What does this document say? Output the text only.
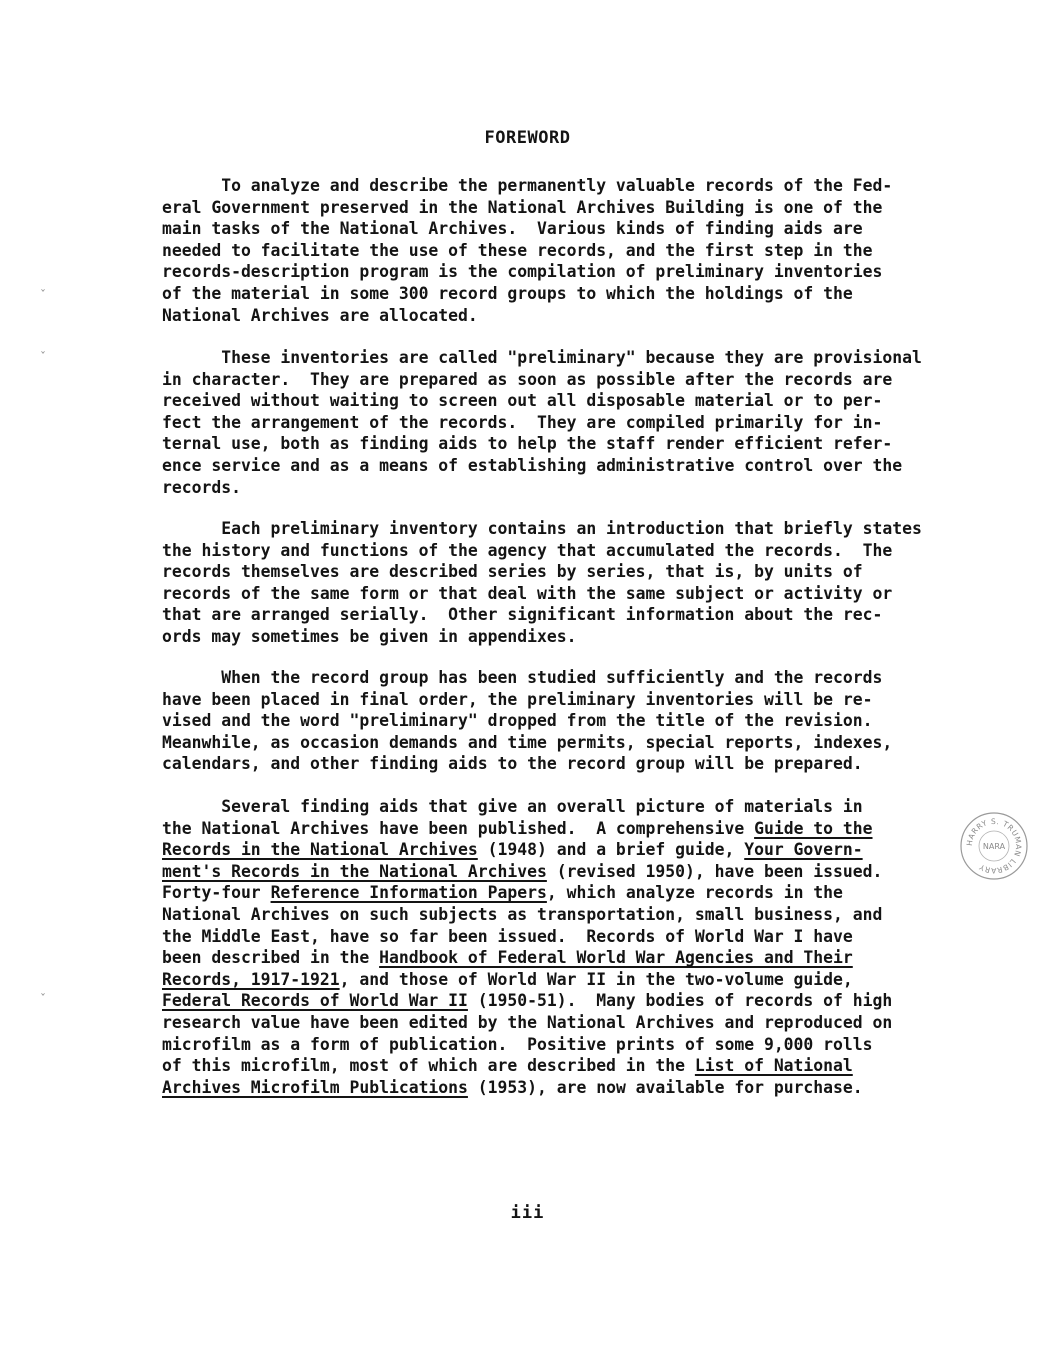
FOREWORD
To analyze and describe the permanently valuable records of the Fed-
eral Government preserved in the National Archives Building is one of the
main tasks of the National Archives.  Various kinds of finding aids are
needed to facilitate the use of these records, and the first step in the
records-description program is the compilation of preliminary inventories
of the material in some 300 record groups to which the holdings of the
National Archives are allocated.
These inventories are called "preliminary" because they are provisional
in character.  They are prepared as soon as possible after the records are
received without waiting to screen out all disposable material or to per-
fect the arrangement of the records.  They are compiled primarily for in-
ternal use, both as finding aids to help the staff render efficient refer-
ence service and as a means of establishing administrative control over the
records.
Each preliminary inventory contains an introduction that briefly states
the history and functions of the agency that accumulated the records.  The
records themselves are described series by series, that is, by units of
records of the same form or that deal with the same subject or activity or
that are arranged serially.  Other significant information about the rec-
ords may sometimes be given in appendixes.
When the record group has been studied sufficiently and the records
have been placed in final order, the preliminary inventories will be re-
vised and the word "preliminary" dropped from the title of the revision.
Meanwhile, as occasion demands and time permits, special reports, indexes,
calendars, and other finding aids to the record group will be prepared.
Several finding aids that give an overall picture of materials in
the National Archives have been published.  A comprehensive Guide to the
Records in the National Archives (1948) and a brief guide, Your Govern-
ment's Records in the National Archives (revised 1950), have been issued.
Forty-four Reference Information Papers, which analyze records in the
National Archives on such subjects as transportation, small business, and
the Middle East, have so far been issued.  Records of World War I have
been described in the Handbook of Federal World War Agencies and Their
Records, 1917-1921, and those of World War II in the two-volume guide,
Federal Records of World War II (1950-51).  Many bodies of records of high
research value have been edited by the National Archives and reproduced on
microfilm as a form of publication.  Positive prints of some 9,000 rolls
of this microfilm, most of which are described in the List of National
Archives Microfilm Publications (1953), are now available for purchase.
HARRY S. TRUMAN LIBRARY
NARA
ˇ
ˇ
ˇ
iii
